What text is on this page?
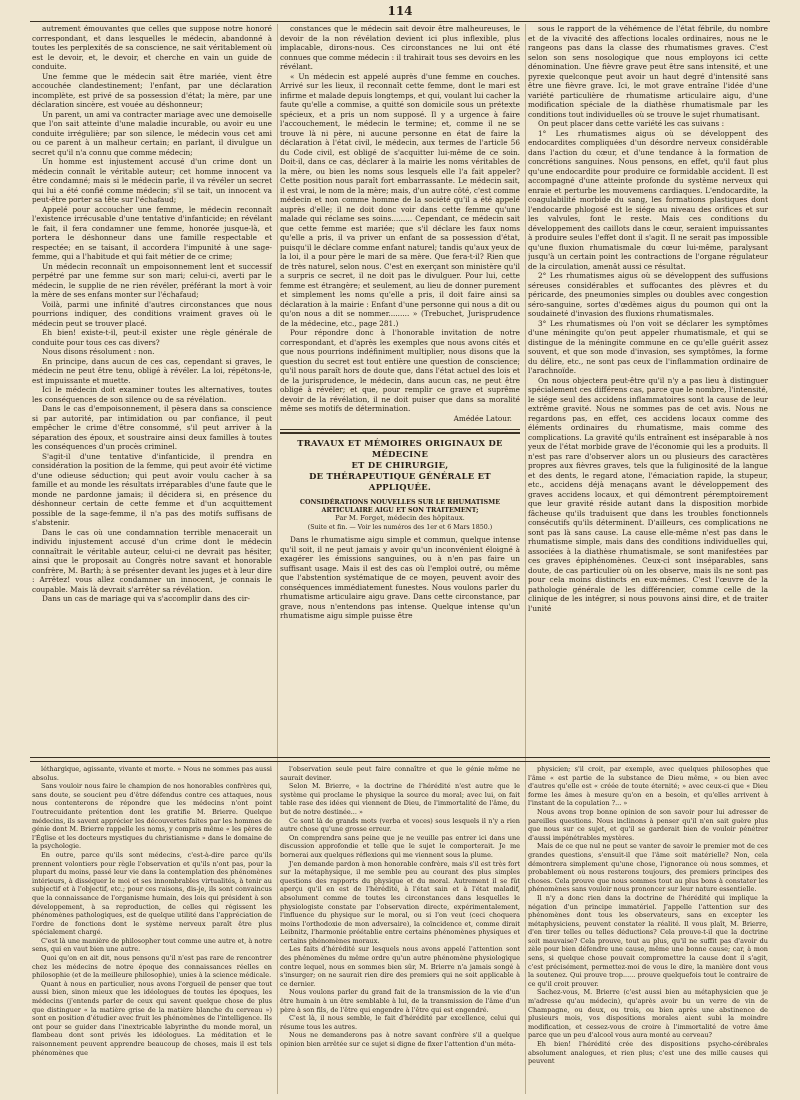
114

autrement émouvantes que celles que suppose notre honoré correspondant, et dans lesquelles le médecin, abandonné à toutes les perplexités de sa conscience, ne sait véritablement où est le devoir, et, le devoir, et cherche en vain un guide de conduite.

Une femme que le médecin sait être mariée, vient être accouchée clandestinement; l'enfant, par une déclaration incomplète, est privé de sa possession d'état; la mère, par une déclaration sincère, est vouée au déshonneur;

Un parent, un ami va contracter mariage avec une demoiselle que l'on sait atteinte d'une maladie incurable, ou avoir eu une conduite irrégulière; par son silence, le médecin vous cet ami ou ce parent à un malheur certain; en parlant, il divulgue un secret qu'il n'a connu que comme médecin;

Un homme est injustement accusé d'un crime dont un médecin connaît le véritable auteur; cet homme innocent va être condamné; mais si le médecin parle, il va révéler un secret qui lui a été confié comme médecin; s'il se tait, un innocent va peut-être porter sa tête sur l'échafaud;

Appelé pour accoucher une femme, le médecin reconnaît l'existence irrécusable d'une tentative d'infanticide; en révélant le fait, il fera condamner une femme, honorée jusque-là, et portera le déshonneur dans une famille respectable et respectée; en se taisant, il accordera l'impunité à une sage-femme, qui a l'habitude et qui fait métier de ce crime;

Un médecin reconnaît un empoisonnement lent et successif perpétré par une femme sur son mari; celui-ci, averti par le médecin, le supplie de ne rien révéler, préférant la mort à voir la mère de ses enfans monter sur l'échafaud;

Voilà, parmi une infinité d'autres circonstances que nous pourrions indiquer, des conditions vraiment graves où le médecin peut se trouver placé.

Eh bien! existe-t-il, peut-il exister une règle générale de conduite pour tous ces cas divers?

Nous disons résolument : non.

En principe, dans aucun de ces cas, cependant si graves, le médecin ne peut être tenu, obligé à révéler. La loi, répétons-le, est impuissante et muette.

Ici le médecin doit examiner toutes les alternatives, toutes les conséquences de son silence ou de sa révélation.

Dans le cas d'empoisonnement, il pèsera dans sa conscience si par autorité, par intimidation ou par confiance, il peut empêcher le crime d'être consommé, s'il peut arriver à la séparation des époux, et soustraire ainsi deux familles à toutes les conséquences d'un procès criminel.

S'agit-il d'une tentative d'infanticide, il prendra en considération la position de la femme, qui peut avoir été victime d'une odieuse séduction; qui peut avoir voulu cacher à sa famille et au monde les résultats irréparables d'une faute que le monde ne pardonne jamais; il décidera si, en présence du déshonneur certain de cette femme et d'un acquittement possible de la sage-femme, il n'a pas des motifs suffisans de s'abstenir.

Dans le cas où une condamnation terrible menacerait un individu injustement accusé d'un crime dont le médecin connaîtrait le véritable auteur, celui-ci ne devrait pas hésiter, ainsi que le proposait au Congrès notre savant et honorable confrère, M. Barth; à se présenter devant les juges et à leur dire : Arrêtez! vous allez condamner un innocent, je connais le coupable. Mais là devrait s'arrêter sa révélation.

Dans un cas de mariage qui va s'accomplir dans des cir-

constances que le médecin sait devoir être malheureuses, le devoir de la non révélation devient ici plus inflexible, plus implacable, dirons-nous. Ces circonstances ne lui ont été connues que comme médecin : il trahirait tous ses devoirs en les révélant.

« Un médecin est appelé auprès d'une femme en couches. Arrivé sur les lieux, il reconnaît cette femme, dont le mari est infirme et malade depuis longtemps, et qui, voulant lui cacher la faute qu'elle a commise, a quitté son domicile sous un prétexte spécieux, et a pris un nom supposé. Il y a urgence à faire l'accouchement, le médecin le termine; et, comme il ne se trouve là ni père, ni aucune personne en état de faire la déclaration à l'état civil, le médecin, aux termes de l'article 56 du Code civil, est obligé de s'acquitter lui-même de ce soin. Doit-il, dans ce cas, déclarer à la mairie les noms véritables de la mère, ou bien les noms sous lesquels elle l'a fait appeler? Cette position nous paraît fort embarrassante. Le médecin sait, il est vrai, le nom de la mère; mais, d'un autre côté, c'est comme médecin et non comme homme de la société qu'il a été appelé auprès d'elle; il ne doit donc voir dans cette femme qu'une malade qui réclame ses soins......... Cependant, ce médecin sait que cette femme est mariée; que s'il déclare les faux noms qu'elle a pris, il va priver un enfant de sa possession d'état, puisqu'il le déclare comme enfant naturel; tandis qu'aux yeux de la loi, il a pour père le mari de sa mère. Que fera-t-il? Rien que de très naturel, selon nous. C'est en exerçant son ministère qu'il a surpris ce secret, il ne doit pas le divulguer. Pour lui, cette femme est étrangère; et seulement, au lieu de donner purement et simplement les noms qu'elle a pris, il doit faire ainsi sa déclaration à la mairie : Enfant d'une personne qui nous a dit ou qu'on nous a dit se nommer......... » (Trebuchet, Jurisprudence de la médecine, etc., page 281.)

Pour répondre donc à l'honorable invitation de notre correspondant, et d'après les exemples que nous avons cités et que nous pourrions indéfiniment multiplier, nous disons que la question du secret est tout entière une question de conscience; qu'il nous paraît hors de doute que, dans l'état actuel des lois et de la jurisprudence, le médecin, dans aucun cas, ne peut être obligé à révéler; et que, pour remplir ce grave et suprême devoir de la révélation, il ne doit puiser que dans sa moralité même ses motifs de détermination.

Amédée Latour.
TRAVAUX ET MÉMOIRES ORIGINAUX DE MÉDECINE
ET DE CHIRURGIE,
DE THÉRAPEUTIQUE GÉNÉRALE ET APPLIQUÉE.
CONSIDÉRATIONS NOUVELLES SUR LE RHUMATISME ARTICULAIRE AIGU ET SON TRAITEMENT;
Par M. Forget, médecin des hôpitaux.
(Suite et fin. — Voir les numéros des 1er et 6 Mars 1850.)

Dans le rhumatisme aigu simple et commun, quelque intense qu'il soit, il ne peut jamais y avoir qu'un inconvénient éloigné à exagérer les émissions sanguines, ou à n'en pas faire un suffisant usage. Mais il est des cas où l'emploi outré, ou même que l'abstention systématique de ce moyen, peuvent avoir des conséquences immédiatement funestes. Nous voulons parler du rhumatisme articulaire aigu grave. Dans cette circonstance, par grave, nous n'entendons pas intense. Quelque intense qu'un rhumatisme aigu simple puisse être

sous le rapport de la véhémence de l'état fébrile, du nombre et de la vivacité des affections locales ordinaires, nous ne le rangeons pas dans la classe des rhumatismes graves. C'est selon son sens nosologique que nous employons ici cette dénomination. Une fièvre grave peut être sans intensité, et une pyrexie quelconque peut avoir un haut degré d'intensité sans être une fièvre grave. Ici, le mot grave entraîne l'idée d'une variété particulière de rhumatisme articulaire aigu, d'une modification spéciale de la diathèse rhumatismale par les conditions tout individuelles où se trouve le sujet rhumatisant.

On peut placer dans cette variété les cas suivans :

1° Les rhumatismes aigus où se développent des endocardites compliquées d'un désordre nerveux considérable dans l'action du cœur, et d'une tendance à la formation de concrétions sanguines. Nous pensons, en effet, qu'il faut plus qu'une endocardite pour produire ce formidable accident. Il est accompagné d'une atteinte profonde du système nerveux qui enraie et perturbe les mouvemens cardiaques. L'endocardite, la coagulabilité morbide du sang, les formations plastiques dont l'endocarde phlogosé est le siége au niveau des orifices et sur les valvules, font le reste. Mais ces conditions du développement des caillots dans le cœur, seraient impuissantes à produire seules l'effet dont il s'agit. Il ne serait pas impossible qu'une fluxion rhumatismale du cœur lui-même, paralysant jusqu'à un certain point les contractions de l'organe régulateur de la circulation, amenât aussi ce résultat.

2° Les rhumatismes aigus où se développent des suffusions séreuses considérables et suffocantes des plèvres et du péricarde, des pneumonies simples ou doubles avec congestion séro-sanguine, sortes d'œdèmes aigus du poumon qui ont la soudaineté d'invasion des fluxions rhumatismales.

3° Les rhumatismes où l'on voit se déclarer les symptômes d'une méningite qu'on peut appeler rhumatismale, et qui se distingue de la méningite commune en ce qu'elle guérit assez souvent, et que son mode d'invasion, ses symptômes, la forme du délire, etc., ne sont pas ceux de l'inflammation ordinaire de l'arachnoïde.

On nous objectera peut-être qu'il n'y a pas lieu à distinguer spécialement ces différens cas, parce que le nombre, l'intensité, le siége seul des accidens inflammatoires sont la cause de leur extrême gravité. Nous ne sommes pas de cet avis. Nous ne regardons pas, en effet, ces accidens locaux comme des éléments ordinaires du rhumatisme, mais comme des complications. La gravité qu'ils entraînent est inséparable à nos yeux de l'état morbide grave de l'économie qui les a produits. Il n'est pas rare d'observer alors un ou plusieurs des caractères propres aux fièvres graves, tels que la fuliginosité de la langue et des dents, le regard atone, l'émaciation rapide, la stupeur, etc., accidens déjà menaçans avant le développement des graves accidens locaux, et qui démontrent péremptoirement que leur gravité réside autant dans la disposition morbide fâcheuse qu'ils traduisent que dans les troubles fonctionnels consécutifs qu'ils déterminent. D'ailleurs, ces complications ne sont pas là sans cause. La cause elle-même n'est pas dans le rhumatisme simple, mais dans des conditions individuelles qui, associées à la diathèse rhumatismale, se sont manifestées par ces graves épiphénomènes. Ceux-ci sont inséparables, sans doute, de cas particulier où on les observe, mais ils ne sont pas pour cela moins distincts en eux-mêmes. C'est l'œuvre de la pathologie générale de les différencier, comme celle de la clinique de les intégrer, si nous pouvons ainsi dire, et de traiter l'unité

léthargique, agissante, vivante et morte. » Nous ne sommes pas aussi absolus.

Sans vouloir nous faire le champion de nos honorables confrères qui, sans doute, se soucient peu d'être défendus contre ces attaques, nous nous contenterons de répondre que les médecins n'ont point l'outrecuidante prétention dont les gratifie M. Brierre. Quelque médecins, ils savent apprécier les découvertes faites par les hommes de génie dont M. Brierre rappelle les noms, y compris même « les pères de l'Église et les docteurs mystiques du christianisme » dans le domaine de la psychologie.

En outre, parce qu'ils sont médecins, c'est-à-dire parce qu'ils prennent volontiers pour règle l'observation et qu'ils n'ont pas, pour la plupart du moins, passé leur vie dans la contemplation des phénomènes intérieurs, à disséquer le moi et ses innombrables virtualités, à tenir au subjectif et à l'objectif, etc.; pour ces raisons, dis-je, ils sont convaincus que la connaissance de l'organisme humain, des lois qui président à son développement, à sa reproduction, de celles qui régissent les phénomènes pathologiques, est de quelque utilité dans l'appréciation de l'ordre de fonctions dont le système nerveux paraît être plus spécialement chargé.

C'est là une manière de philosopher tout comme une autre et, à notre sens, qui en vaut bien une autre.

Quoi qu'on en ait dit, nous pensons qu'il n'est pas rare de rencontrer chez les médecins de notre époque des connaissances réelles en philosophie (et de la meilleure philosophie), unies à la science médicale.

Quant à nous en particulier, nous avons l'orgueil de penser que tout aussi bien, sinon mieux que les idéologues de toutes les époques, les médecins (j'entends parler de ceux qui savent quelque chose de plus que distinguer « la matière grise de la matière blanche du cerveau ») sont en position d'étudier avec fruit les phénomènes de l'intelligence. Ils ont pour se guider dans l'inextricable labyrinthe du monde moral, un flambeau dont sont privés les idéologues. La méditation et le raisonnement peuvent apprendre beaucoup de choses, mais il est tels phénomènes que

l'observation seule peut faire connaître et que le génie même ne saurait deviner.

Selon M. Brierre, « la doctrine de l'hérédité n'est autre que le système qui proclame le physique la source du moral; avec lui, on fait table rase des idées qui viennent de Dieu, de l'immortalité de l'âme, du but de notre destinée... »

Ce sont là de grands mots (verba et voces) sous lesquels il n'y a rien autre chose qu'une grosse erreur.

On comprendra sans peine que je ne veuille pas entrer ici dans une discussion approfondie et telle que le sujet le comporterait. Je me bornerai aux quelques réflexions qui me viennent sous la plume.

J'en demande pardon à mon honorable confrère, mais s'il est très fort sur la métaphysique, il me semble peu au courant des plus simples questions des rapports du physique et du moral. Autrement il se fût aperçu qu'il en est de l'hérédité, à l'état sain et à l'état maladif, absolument comme de toutes les circonstances dans lesquelles le physiologiste constate par l'observation directe, expérimentalement, l'influence du physique sur le moral, ou si l'on veut (ceci choquera moins l'orthodoxie de mon adversaire), la coïncidence et, comme dirait Leibnitz, l'harmonie préétablie entre certains phénomènes physiques et certains phénomènes moraux.

Les faits d'hérédité sur lesquels nous avons appelé l'attention sont des phénomènes du même ordre qu'un autre phénomène physiologique contre lequel, nous en sommes bien sûr, M. Brierre n'a jamais songé à s'insurger; on ne saurait rien dire des premiers qui ne soit applicable à ce dernier.

Nous voulons parler du grand fait de la transmission de la vie d'un être humain à un être semblable à lui, de la transmission de l'âme d'un père à son fils, de l'être qui engendre à l'être qui est engendré.

C'est là, il nous semble, le fait d'hérédité par excellence, celui qui résume tous les autres.

Nous ne demanderons pas à notre savant confrère s'il a quelque opinion bien arrêtée sur ce sujet si digne de fixer l'attention d'un méta-

physicien; s'il croit, par exemple, avec quelques philosophes que l'âme « est partie de la substance de Dieu même, » ou bien avec d'autres qu'elle est « créée de toute éternité; » avec ceux-ci que « Dieu forme les âmes à mesure qu'on en a besoin, et qu'elles arrivent à l'instant de la copulation ?... »

Nous avons trop bonne opinion de son savoir pour lui adresser de pareilles questions. Nous inclinons à penser qu'il n'en sait guère plus que nous sur ce sujet, et qu'il se garderait bien de vouloir pénétrer d'aussi impénétrables mystères.

Mais de ce que nul ne peut se vanter de savoir le premier mot de ces grandes questions, s'ensuit-il que l'âme soit matérielle? Non, cela démontrera simplement qu'une chose, l'ignorance où nous sommes, et probablement où nous resterons toujours, des premiers principes des choses. Cela prouve que nous sommes tout au plus bons à constater les phénomènes sans vouloir nous prononcer sur leur nature essentielle.

Il n'y a donc rien dans la doctrine de l'hérédité qui implique la négation d'un principe immatériel. J'appelle l'attention sur des phénomènes dont tous les observateurs, sans en excepter les métaphysiciens, peuvent constater la réalité. Il vous plaît, M. Brierre, d'en tirer telles ou telles déductions? Cela prouve-t-il que la doctrine soit mauvaise? Cela prouve, tout au plus, qu'il ne suffit pas d'avoir du zèle pour bien défendre une cause, même une bonne cause; car, à mon sens, si quelque chose pouvait compromettre la cause dont il s'agit, c'est précisément, permettez-moi de vous le dire, la manière dont vous la soutenez. Qui prouve trop...... prouve quelquefois tout le contraire de ce qu'il croit prouver.

Sachez-vous, M. Brierre (c'est aussi bien au métaphysicien que je m'adresse qu'au médecin), qu'après avoir bu un verre de vin de Champagne, ou deux, ou trois, ou bien après une abstinence de plusieurs mois, vos dispositions morales aient subi la moindre modification, et cessez-vous de croire à l'immortalité de votre âme parce que un peu d'alcool vous aura monté au cerveau?

Eh bien! l'hérédité crée des dispositions psycho-cérébrales absolument analogues, et rien plus; c'est une des mille causes qui peuvent
